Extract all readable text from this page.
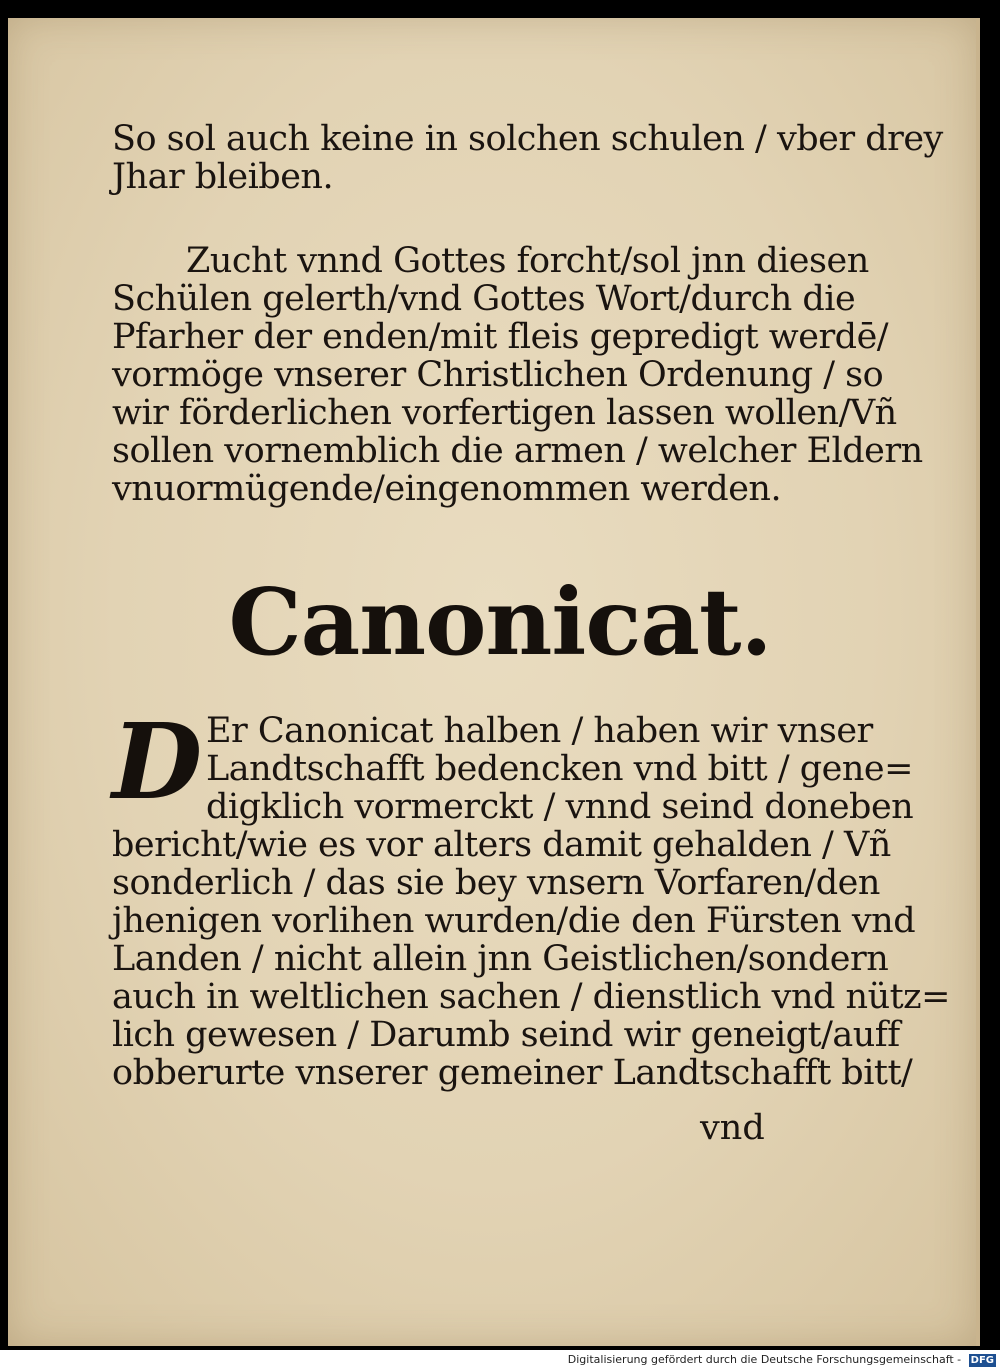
So sol auch keine in solchen schulen / vber drey
Jhar bleiben.
Zucht vnnd Gottes forcht/sol jnn diesen
Schülen gelerth/vnd Gottes Wort/durch die
Pfarher der enden/mit fleis gepredigt werdē/
vormöge vnserer Christlichen Ordenung / so
wir förderlichen vorfertigen lassen wollen/Vñ
sollen vornemblich die armen / welcher Eldern
vnuormügende/eingenommen werden.
Canonicat.
D Er Canonicat halben / haben wir vnser
Landtschafft bedencken vnd bitt / gene=
digklich vormerckt / vnnd seind doneben
bericht/wie es vor alters damit gehalden / Vñ
sonderlich / das sie bey vnsern Vorfaren/den
jhenigen vorlihen wurden/die den Fürsten vnd
Landen / nicht allein jnn Geistlichen/sondern
auch in weltlichen sachen / dienstlich vnd nütz=
lich gewesen / Darumb seind wir geneigt/auff
obberurte vnserer gemeiner Landtschafft bitt/
vnd
Digitalisierung gefördert durch die Deutsche Forschungsgemeinschaft - DFG
